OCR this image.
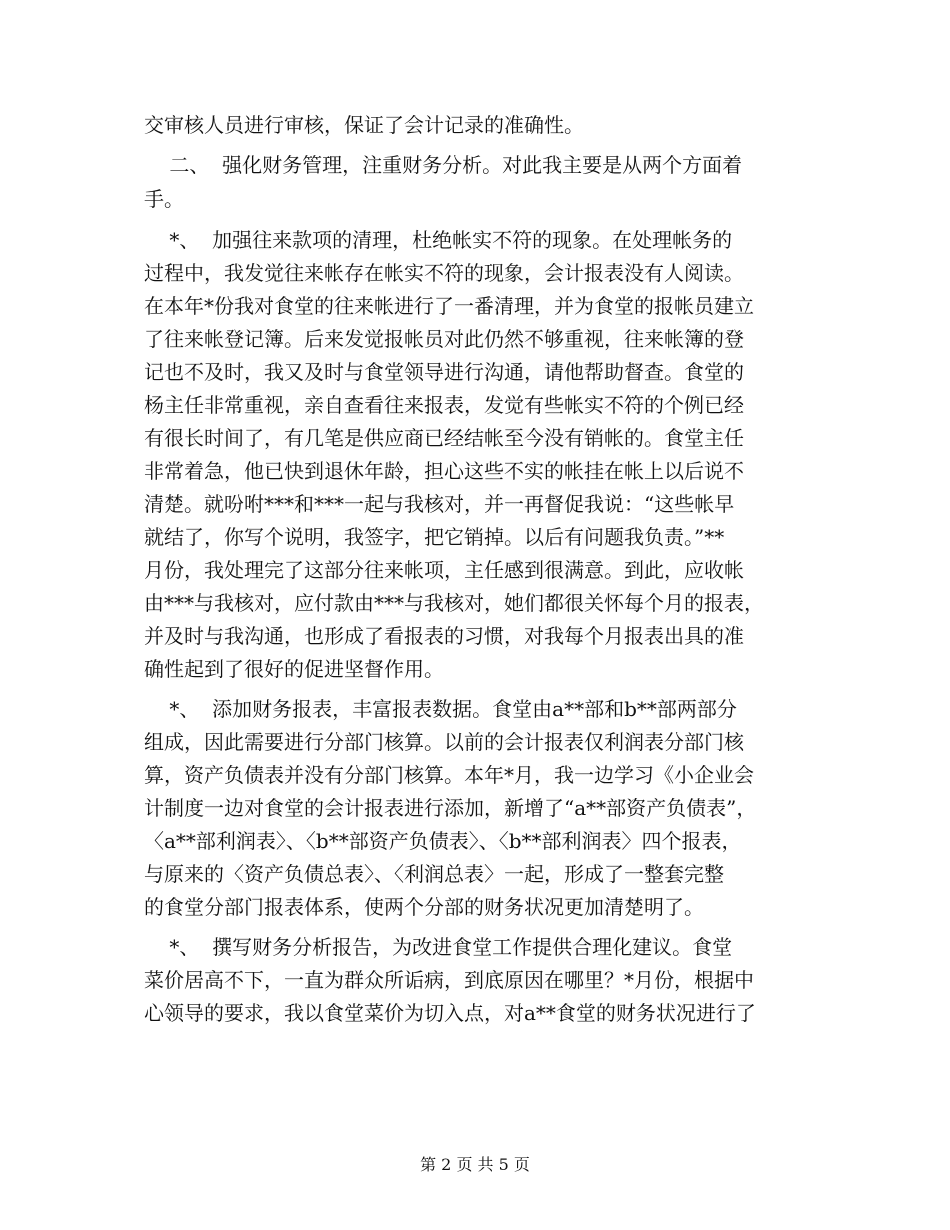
交审核人员进行审核，保证了会计记录的准确性。

二、  强化财务管理，注重财务分析。对此我主要是从两个方面着

手。

*、  加强往来款项的清理，杜绝帐实不符的现象。在处理帐务的

过程中，我发觉往来帐存在帐实不符的现象，会计报表没有人阅读。

在本年*份我对食堂的往来帐进行了一番清理，并为食堂的报帐员建立

了往来帐登记簿。后来发觉报帐员对此仍然不够重视，往来帐簿的登

记也不及时，我又及时与食堂领导进行沟通，请他帮助督查。食堂的

杨主任非常重视，亲自查看往来报表，发觉有些帐实不符的个例已经

有很长时间了，有几笔是供应商已经结帐至今没有销帐的。食堂主任

非常着急，他已快到退休年龄，担心这些不实的帐挂在帐上以后说不

清楚。就吩咐***和***一起与我核对，并一再督促我说：“这些帐早

就结了，你写个说明，我签字，把它销掉。以后有问题我负责。”**

月份，我处理完了这部分往来帐项，主任感到很满意。到此，应收帐

由***与我核对，应付款由***与我核对，她们都很关怀每个月的报表，

并及时与我沟通，也形成了看报表的习惯，对我每个月报表出具的准

确性起到了很好的促进坚督作用。

*、  添加财务报表，丰富报表数据。食堂由a**部和b**部两部分

组成，因此需要进行分部门核算。以前的会计报表仅利润表分部门核

算，资产负债表并没有分部门核算。本年*月，我一边学习《小企业会

计制度一边对食堂的会计报表进行添加，新增了“a**部资产负债表”，

〈a**部利润表〉、〈b**部资产负债表〉、〈b**部利润表〉四个报表，

与原来的〈资产负债总表〉、〈利润总表〉一起，形成了一整套完整

的食堂分部门报表体系，使两个分部的财务状况更加清楚明了。

*、  撰写财务分析报告，为改进食堂工作提供合理化建议。食堂

菜价居高不下，一直为群众所诟病，到底原因在哪里？*月份，根据中

心领导的要求，我以食堂菜价为切入点，对a**食堂的财务状况进行了

第 2 页 共 5 页
